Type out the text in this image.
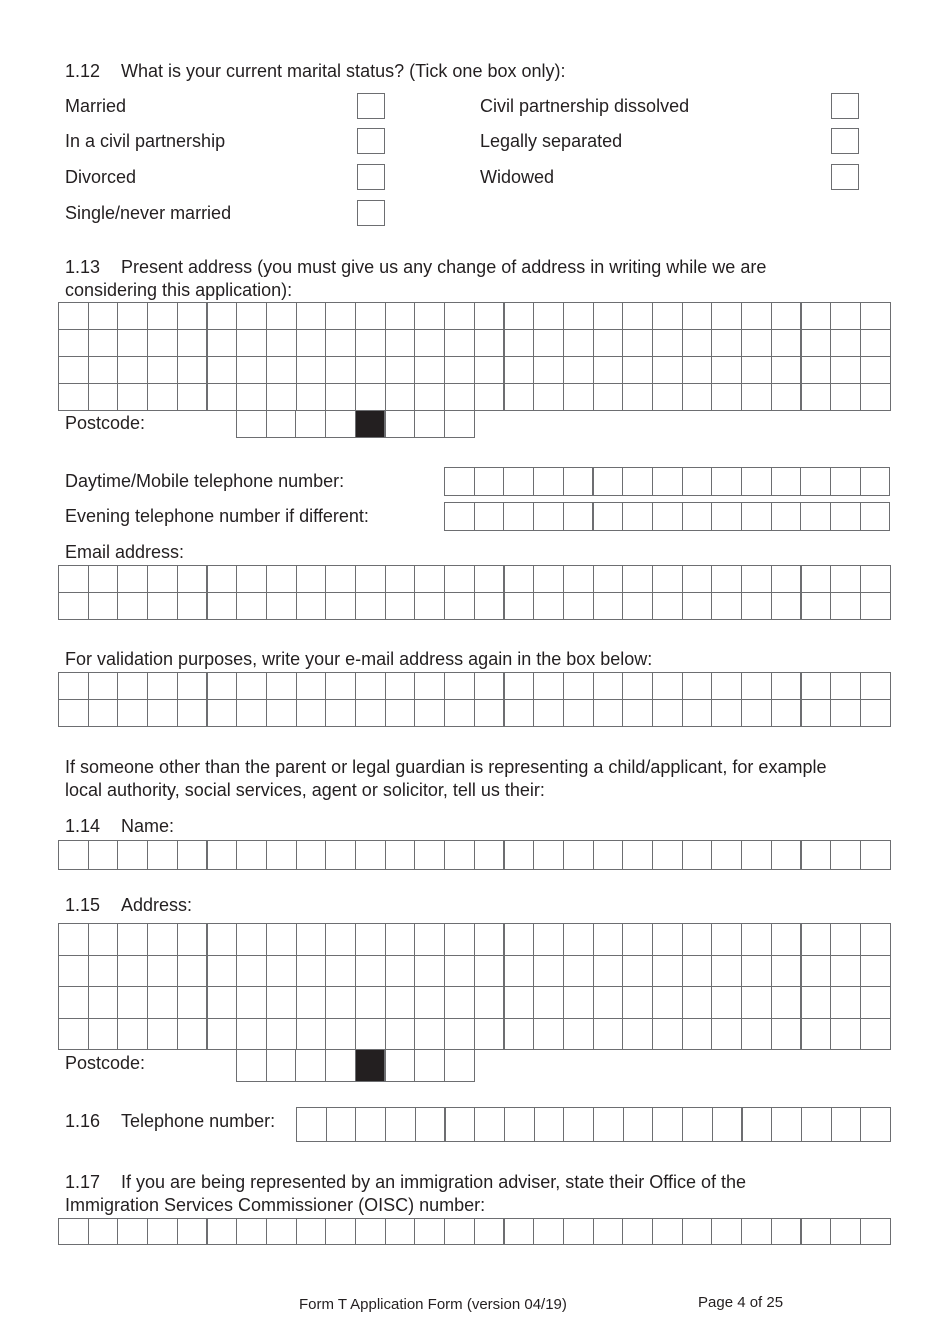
1.12 What is your current marital status? (Tick one box only):
Married
In a civil partnership
Divorced
Single/never married
Civil partnership dissolved
Legally separated
Widowed
1.13 Present address (you must give us any change of address in writing while we are
considering this application):
Postcode:
Daytime/Mobile telephone number:
Evening telephone number if different:
Email address:
For validation purposes, write your e-mail address again in the box below:
If someone other than the parent or legal guardian is representing a child/applicant, for example
local authority, social services, agent or solicitor, tell us their:
1.14 Name:
1.15 Address:
Postcode:
1.16 Telephone number:
1.17 If you are being represented by an immigration adviser, state their Office of the
Immigration Services Commissioner (OISC) number:
Form T Application Form (version 04/19)	Page 4 of 25
